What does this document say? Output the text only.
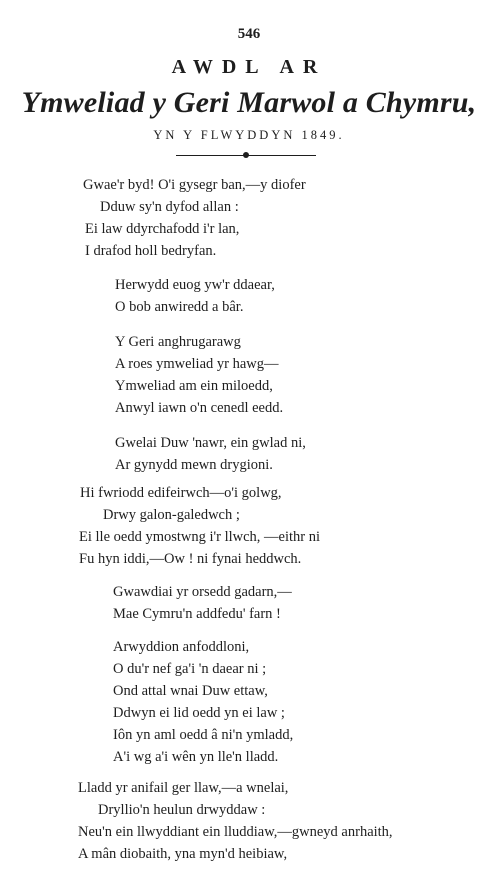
546
AWDL AR
Ymweliad y Geri Marwol a Chymru,
YN Y FLWYDDYN 1849.
Gwae'r byd! O'i gysegr ban,—y diofer
Dduw sy'n dyfod allan :
Ei law ddyrchafodd i'r lan,
I drafod holl bedryfan.
Herwydd euog yw'r ddaear,
O bob anwiredd a bâr.
Y Geri anghrugarawg
A roes ymweliad yr hawg—
Ymweliad am ein miloedd,
Anwyl iawn o'n cenedl eedd.
Gwelai Duw 'nawr, ein gwlad ni,
Ar gynydd mewn drygioni.
Hi fwriodd edifeirwch—o'i golwg,
Drwy galon-galedwch ;
Ei lle oedd ymostwng i'r llwch, —eithr ni
Fu hyn iddi,—Ow ! ni fynai heddwch.
Gwawdiai yr orsedd gadarn,—
Mae Cymru'n addfedu' farn !
Arwyddion anfoddloni,
O du'r nef ga'i 'n daear ni ;
Ond attal wnai Duw ettaw,
Ddwyn ei lid oedd yn ei law ;
Iôn yn aml oedd â ni'n ymladd,
A'i wg a'i wên yn lle'n lladd.
Lladd yr anifail ger llaw,—a wnelai,
Dryllio'n heulun drwyddaw :
Neu'n ein llwyddiant ein lluddiaw,—gwneyd anrhaith,
A mân diobaith, yna myn'd heibiaw,
